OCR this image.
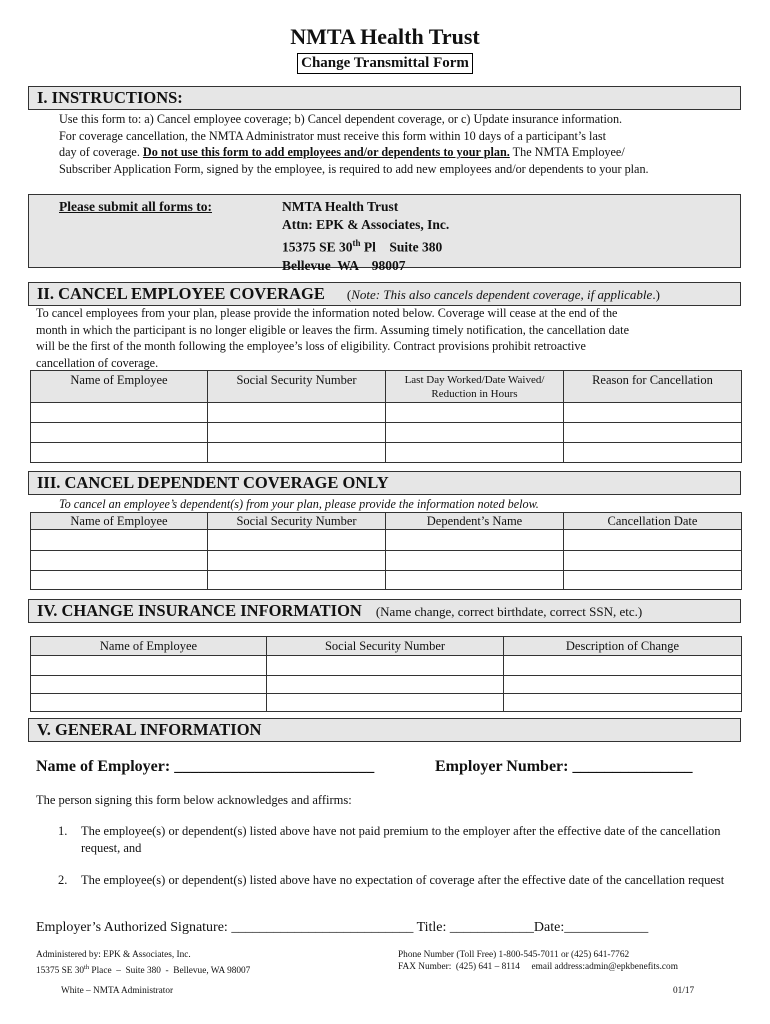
NMTA Health Trust
Change Transmittal Form
I. INSTRUCTIONS:
Use this form to: a) Cancel employee coverage; b) Cancel dependent coverage, or c) Update insurance information.
For coverage cancellation, the NMTA Administrator must receive this form within 10 days of a participant’s last
day of coverage. Do not use this form to add employees and/or dependents to your plan. The NMTA Employee/
Subscriber Application Form, signed by the employee, is required to add new employees and/or dependents to your plan.
Please submit all forms to:	NMTA Health Trust
Attn: EPK & Associates, Inc.
15375 SE 30th Pl    Suite 380
Bellevue  WA    98007
II. CANCEL EMPLOYEE COVERAGE (Note: This also cancels dependent coverage, if applicable.)
To cancel employees from your plan, please provide the information noted below. Coverage will cease at the end of the
month in which the participant is no longer eligible or leaves the firm. Assuming timely notification, the cancellation date
will be the first of the month following the employee’s loss of eligibility. Contract provisions prohibit retroactive
cancellation of coverage.
Name of Employee	Social Security Number	Last Day Worked/Date Waived/
Reduction in Hours	Reason for Cancellation

III. CANCEL DEPENDENT COVERAGE ONLY
To cancel an employee’s dependent(s) from your plan, please provide the information noted below.
Name of Employee	Social Security Number	Dependent’s Name	Cancellation Date

IV. CHANGE INSURANCE INFORMATION (Name change, correct birthdate, correct SSN, etc.)
Name of Employee	Social Security Number	Description of Change

V. GENERAL INFORMATION
Name of Employer: _________________________	Employer Number: _______________
The person signing this form below acknowledges and affirms:
1. The employee(s) or dependent(s) listed above have not paid premium to the employer after the effective date of the cancellation request, and
2. The employee(s) or dependent(s) listed above have no expectation of coverage after the effective date of the cancellation request
Employer’s Authorized Signature: __________________________ Title: ____________Date:____________
Administered by: EPK & Associates, Inc.
15375 SE 30th Place  –  Suite 380  -  Bellevue, WA 98007
Phone Number (Toll Free) 1-800-545-7011 or (425) 641-7762
FAX Number:  (425) 641 – 8114     email address:admin@epkbenefits.com
White – NMTA Administrator	01/17
